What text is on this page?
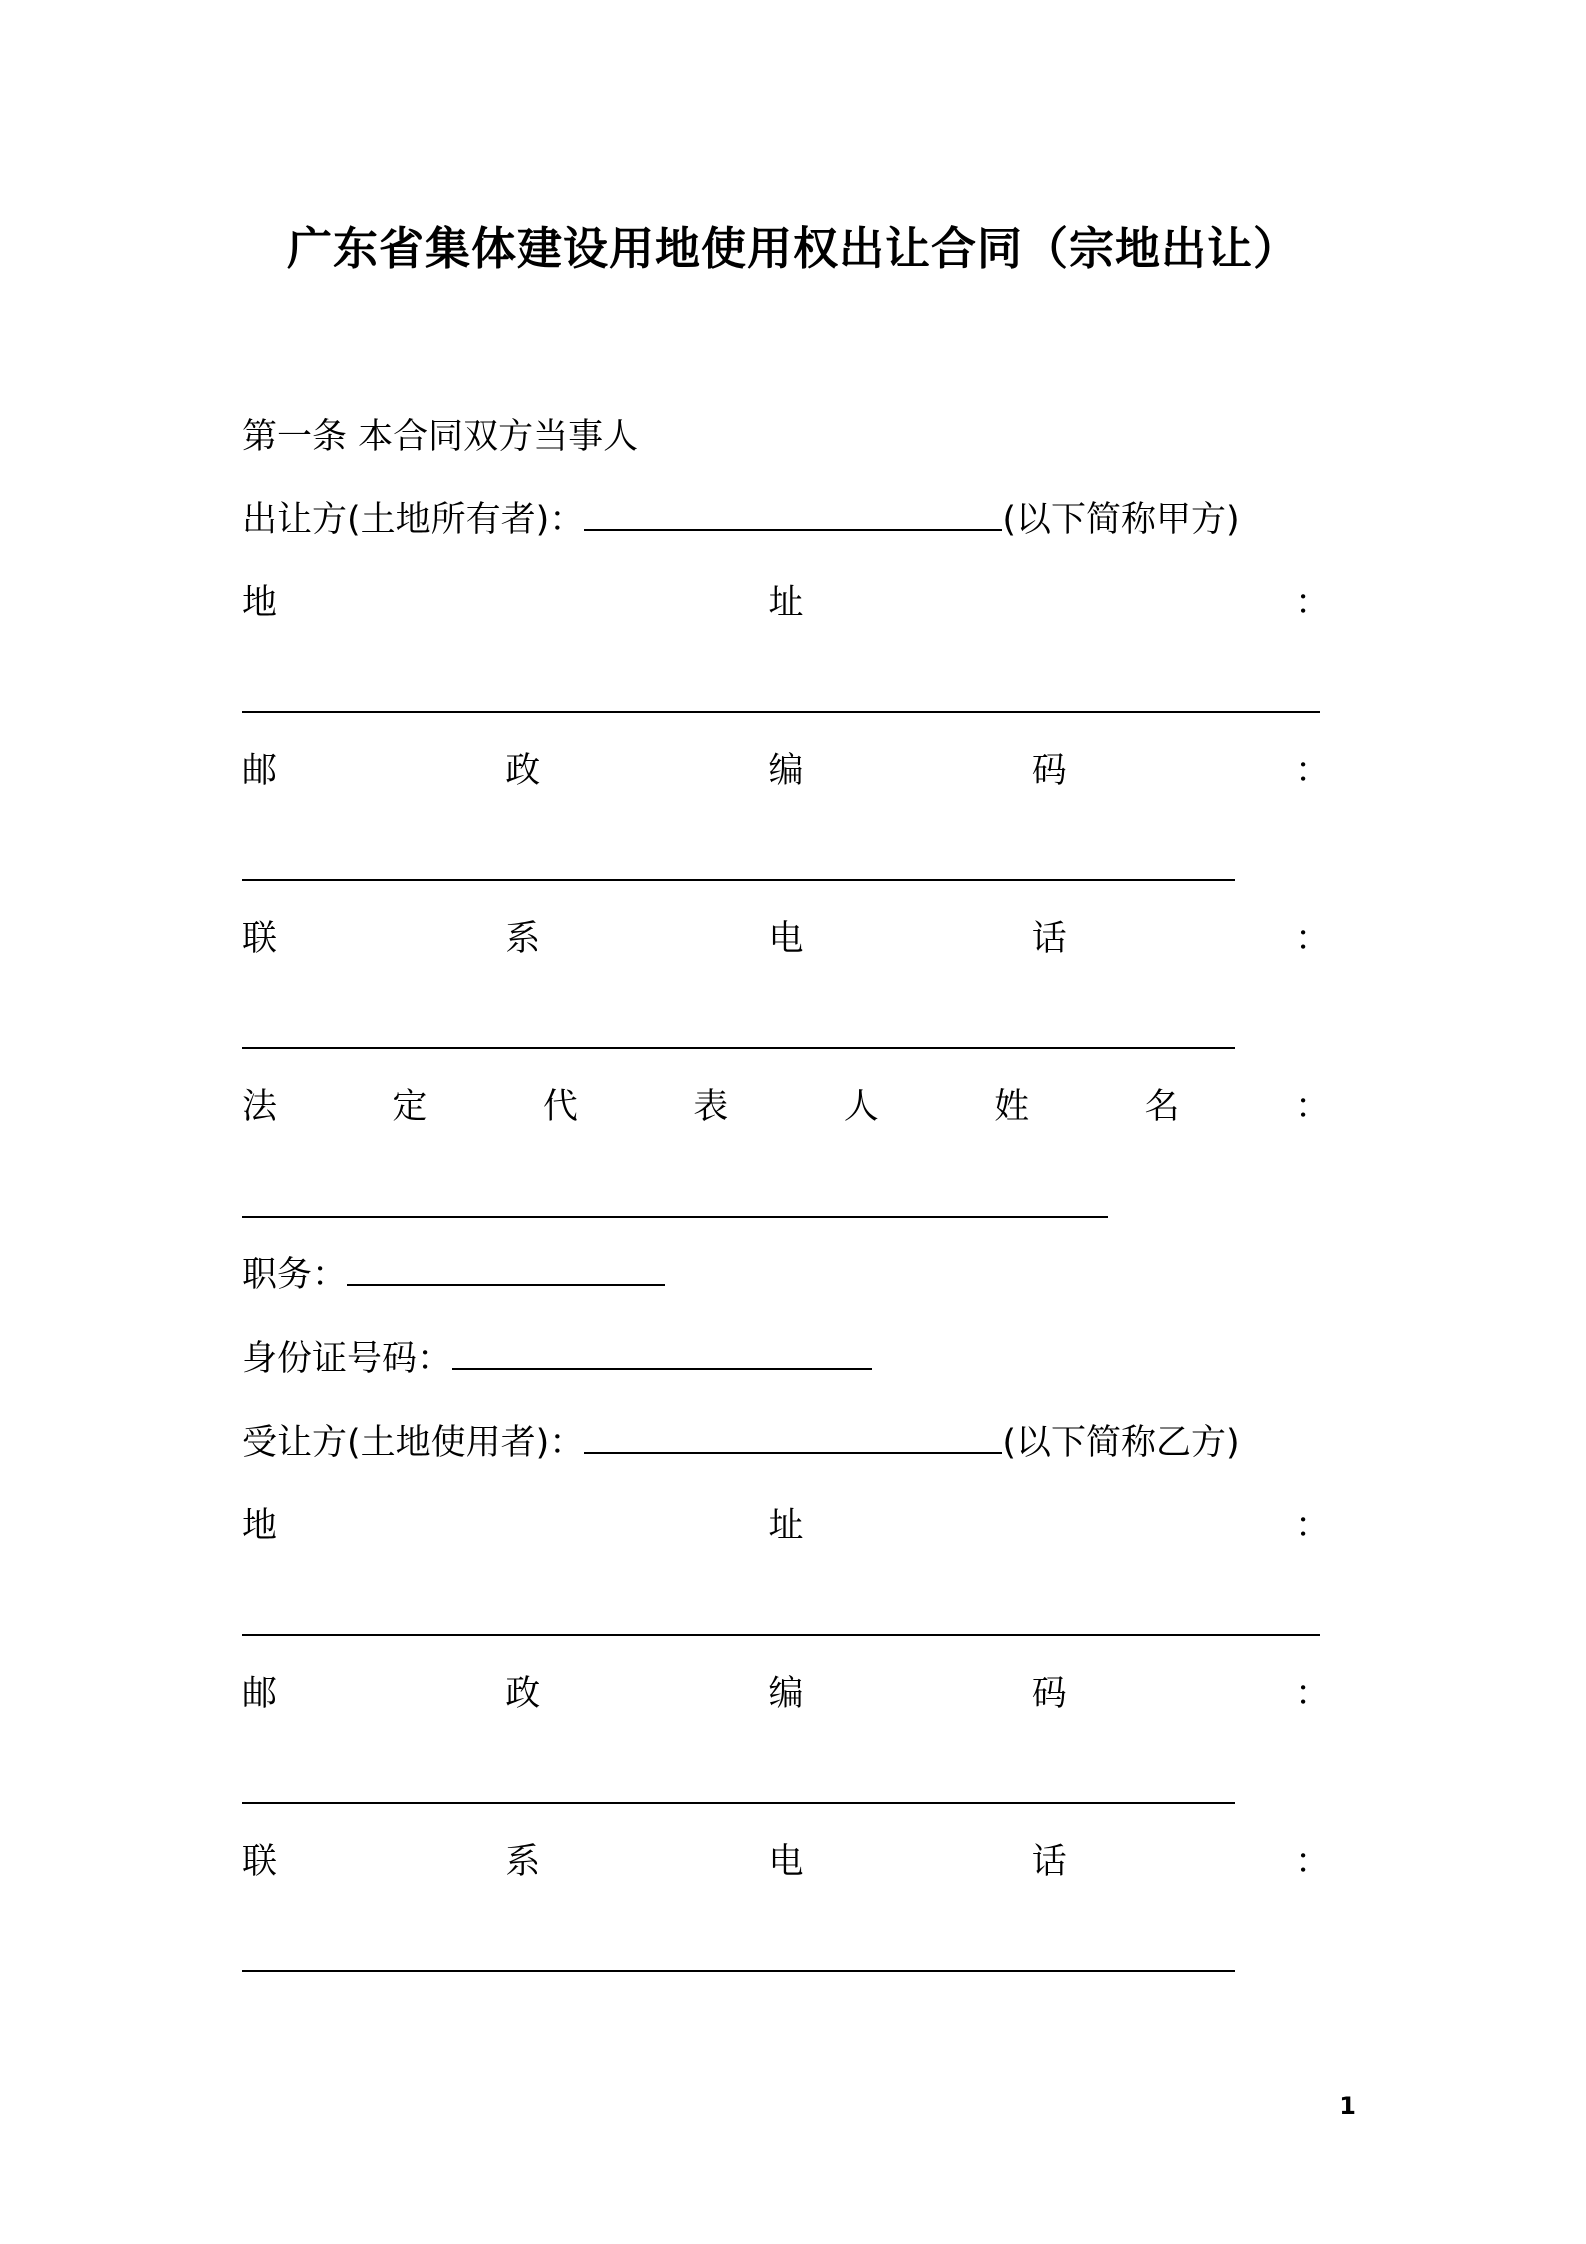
广东省集体建设用地使用权出让合同（宗地出让）
第一条 本合同双方当事人
出让方(土地所有者)：	(以下简称甲方)
地	址	：
邮	政	编	码	：
联	系	电	话	：
法	定	代	表	人	姓	名	：
职务：
身份证号码：
受让方(土地使用者)：	(以下简称乙方)
地	址	：
邮	政	编	码	：
联	系	电	话	：
1
